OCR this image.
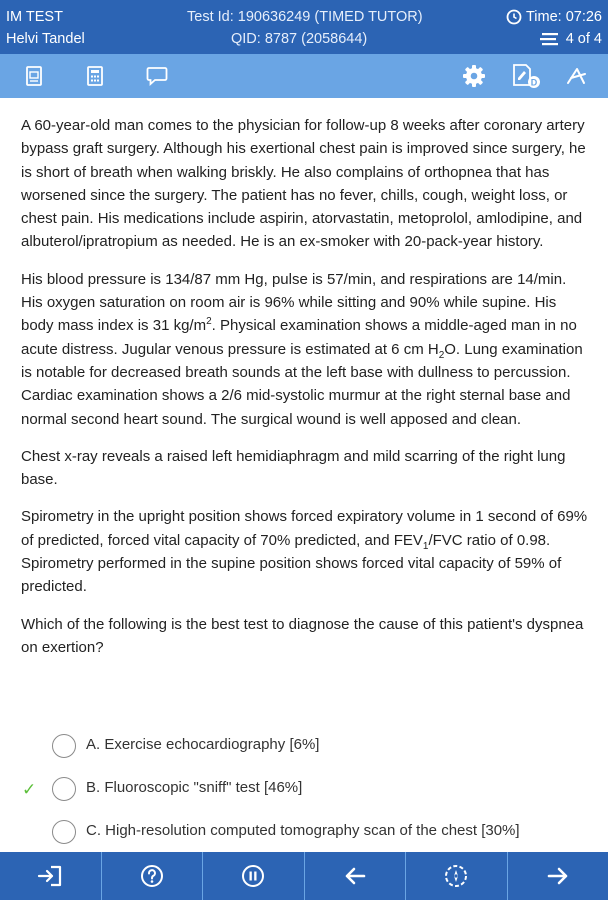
IM TEST
Helvi Tandel
Test Id: 190636249 (TIMED TUTOR)
QID: 8787 (2058644)
Time: 07:26
4 of 4
D

A 60-year-old man comes to the physician for follow-up 8 weeks after coronary artery bypass graft surgery. Although his exertional chest pain is improved since surgery, he is short of breath when walking briskly. He also complains of orthopnea that has worsened since the surgery. The patient has no fever, chills, cough, weight loss, or chest pain. His medications include aspirin, atorvastatin, metoprolol, amlodipine, and albuterol/ipratropium as needed. He is an ex-smoker with 20-pack-year history.

His blood pressure is 134/87 mm Hg, pulse is 57/min, and respirations are 14/min. His oxygen saturation on room air is 96% while sitting and 90% while supine. His body mass index is 31 $kg/m^2$. Physical examination shows a middle-aged man in no acute distress. Jugular venous pressure is estimated at 6 cm $H_2O$. Lung examination is notable for decreased breath sounds at the left base with dullness to percussion. Cardiac examination shows a 2/6 mid-systolic murmur at the right sternal base and normal second heart sound. The surgical wound is well apposed and clean.

Chest x-ray reveals a raised left hemidiaphragm and mild scarring of the right lung base.

Spirometry in the upright position shows forced expiratory volume in 1 second of 69% of predicted, forced vital capacity of 70% predicted, and $FEV_1$/FVC ratio of 0.98. Spirometry performed in the supine position shows forced vital capacity of 59% of predicted.

Which of the following is the best test to diagnose the cause of this patient's dyspnea on exertion?

A. Exercise echocardiography [6%]
✓	B. Fluoroscopic "sniff" test [46%]
C. High-resolution computed tomography scan of the chest [30%]
